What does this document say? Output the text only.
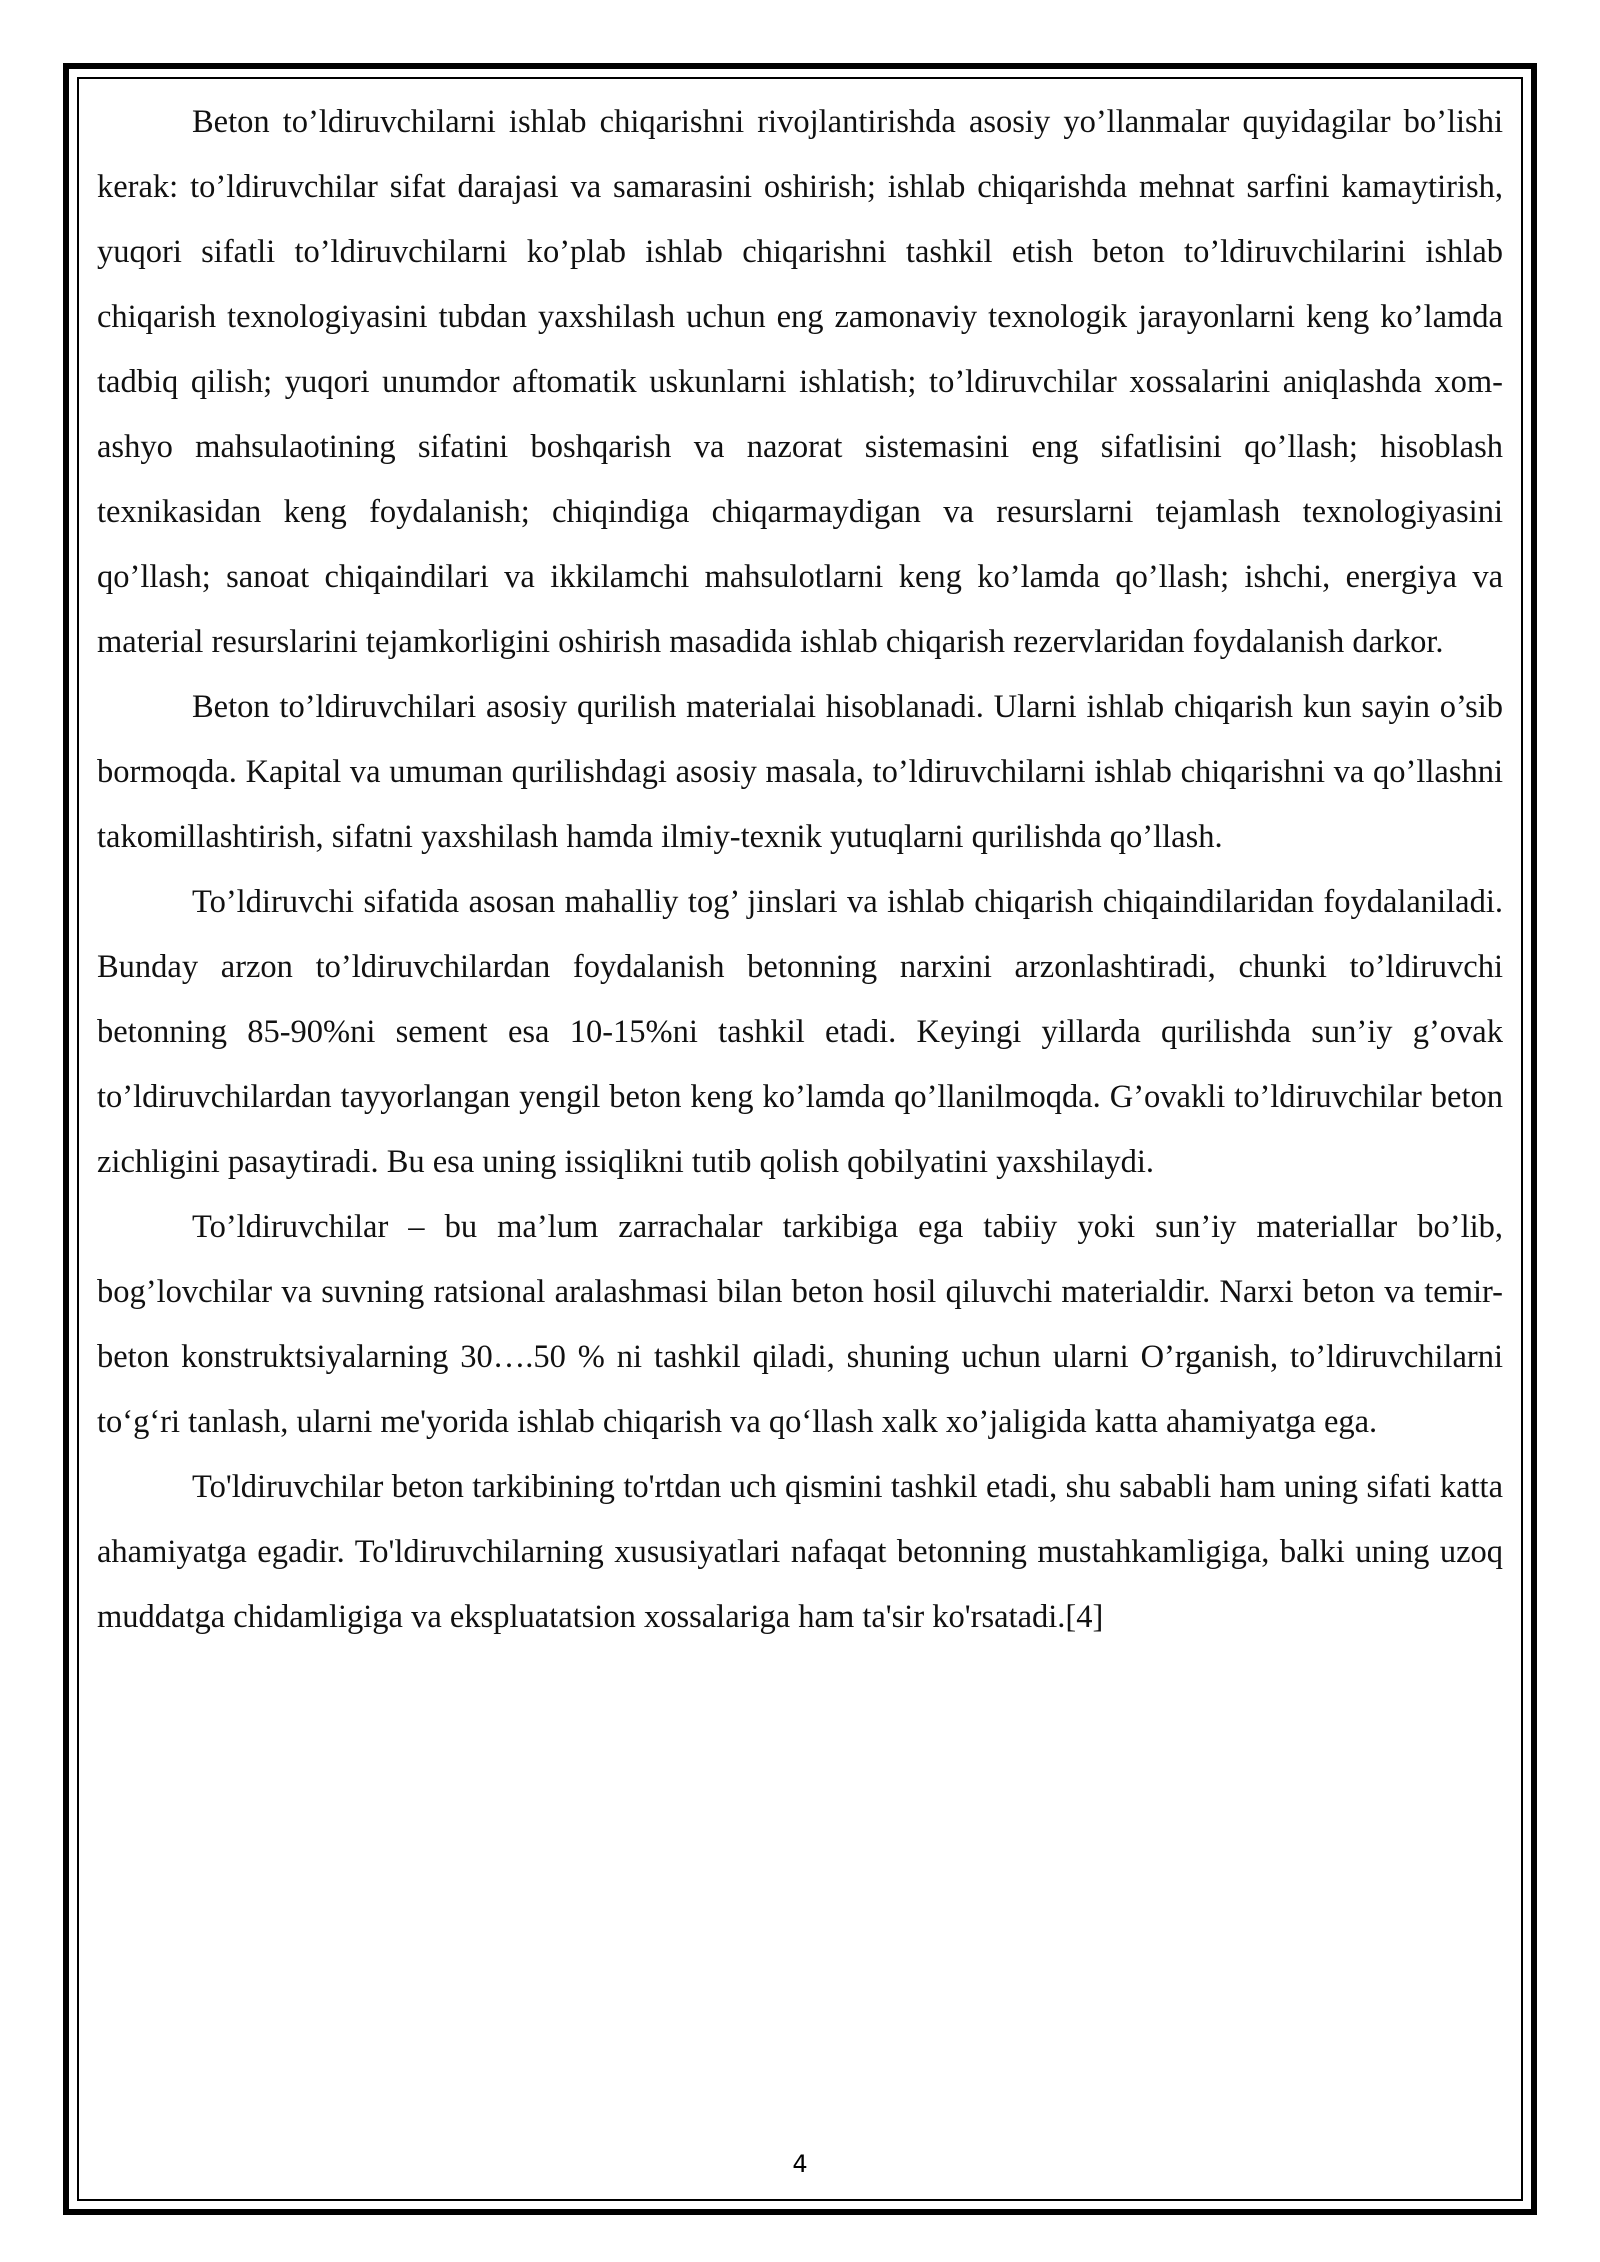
Beton to’ldiruvchilarni ishlab chiqarishni rivojlantirishda asosiy yo’llanmalar quyidagilar bo’lishi kerak: to’ldiruvchilar sifat darajasi va samarasini oshirish; ishlab chiqarishda mehnat sarfini kamaytirish, yuqori sifatli to’ldiruvchilarni ko’plab ishlab chiqarishni tashkil etish beton to’ldiruvchilarini ishlab chiqarish texnologiyasini tubdan yaxshilash uchun eng zamonaviy texnologik jarayonlarni keng ko’lamda tadbiq qilish; yuqori unumdor aftomatik uskunlarni ishlatish; to’ldiruvchilar xossalarini aniqlashda xom-ashyo mahsulaotining sifatini boshqarish va nazorat sistemasini eng sifatlisini qo’llash; hisoblash texnikasidan keng foydalanish; chiqindiga chiqarmaydigan va resurslarni tejamlash texnologiyasini qo’llash; sanoat chiqaindilari va ikkilamchi mahsulotlarni keng ko’lamda qo’llash; ishchi, energiya va material resurslarini tejamkorligini oshirish masadida ishlab chiqarish rezervlaridan foydalanish darkor.

Beton to’ldiruvchilari asosiy qurilish materialai hisoblanadi. Ularni ishlab chiqarish kun sayin o’sib bormoqda. Kapital va umuman qurilishdagi asosiy masala, to’ldiruvchilarni ishlab chiqarishni va qo’llashni takomillashtirish, sifatni yaxshilash hamda ilmiy-texnik yutuqlarni qurilishda qo’llash.

To’ldiruvchi sifatida asosan mahalliy tog’ jinslari va ishlab chiqarish chiqaindilaridan foydalaniladi. Bunday arzon to’ldiruvchilardan foydalanish betonning narxini arzonlashtiradi, chunki to’ldiruvchi betonning 85-90%ni sement esa 10-15%ni tashkil etadi. Keyingi yillarda qurilishda sun’iy g’ovak to’ldiruvchilardan tayyorlangan yengil beton keng ko’lamda qo’llanilmoqda. G’ovakli to’ldiruvchilar beton zichligini pasaytiradi. Bu esa uning issiqlikni tutib qolish qobilyatini yaxshilaydi.

To’ldiruvchilar – bu ma’lum zarrachalar tarkibiga ega tabiiy yoki sun’iy materiallar bo’lib, bog’lovchilar va suvning ratsional aralashmasi bilan beton hosil qiluvchi materialdir. Narxi beton va temir-beton konstruktsiyalarning 30….50 % ni tashkil qiladi, shuning uchun ularni O’rganish, to’ldiruvchilarni to‘g‘ri tanlash, ularni me'yorida ishlab chiqarish va qo‘llash xalk xo’jaligida katta ahamiyatga ega.

To'ldiruvchilar beton tarkibining to'rtdan uch qismini tashkil etadi, shu sababli ham uning sifati katta ahamiyatga egadir. To'ldiruvchilarning xususiyatlari nafaqat betonning mustahkamligiga, balki uning uzoq muddatga chidamligiga va ekspluatatsion xossalariga ham ta'sir ko'rsatadi.[4]

4
